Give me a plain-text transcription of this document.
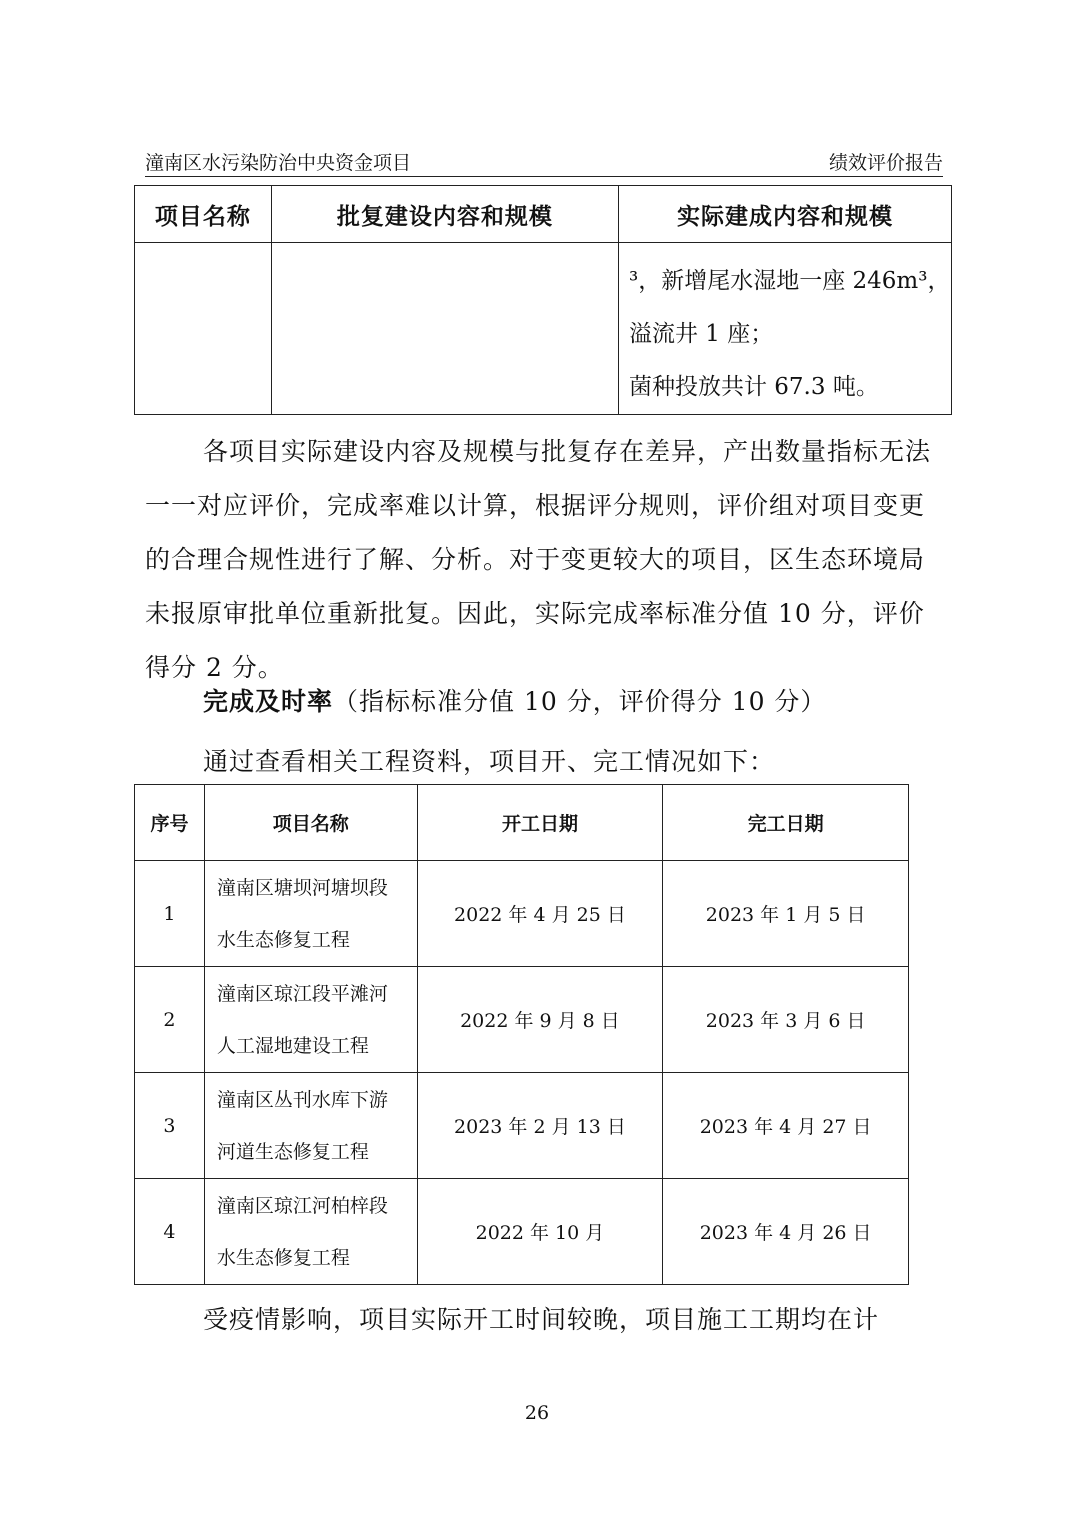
潼南区水污染防治中央资金项目	绩效评价报告
项目名称	批复建设内容和规模	实际建成内容和规模

		³，新增尾水湿地一座 246m³，
溢流井 1 座；
菌种投放共计 67.3 吨。
各项目实际建设内容及规模与批复存在差异，产出数量指标无法一一对应评价，完成率难以计算，根据评分规则，评价组对项目变更的合理合规性进行了解、分析。对于变更较大的项目，区生态环境局未报原审批单位重新批复。因此，实际完成率标准分值 10 分，评价得分 2 分。
完成及时率（指标标准分值 10 分，评价得分 10 分）
通过查看相关工程资料，项目开、完工情况如下：
序号	项目名称	开工日期	完工日期
1	潼南区塘坝河塘坝段
水生态修复工程	2022 年 4 月 25 日	2023 年 1 月 5 日
2	潼南区琼江段平滩河
人工湿地建设工程	2022 年 9 月 8 日	2023 年 3 月 6 日
3	潼南区丛刊水库下游
河道生态修复工程	2023 年 2 月 13 日	2023 年 4 月 27 日
4	潼南区琼江河柏梓段
水生态修复工程	2022 年 10 月	2023 年 4 月 26 日
受疫情影响，项目实际开工时间较晚，项目施工工期均在计
26
